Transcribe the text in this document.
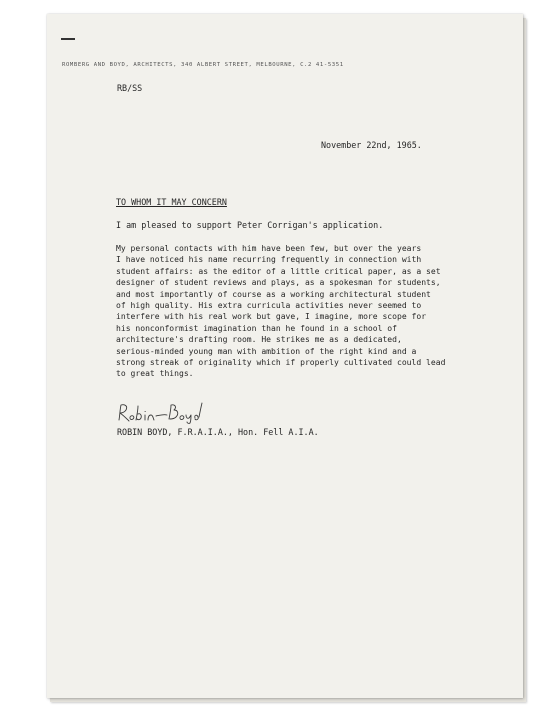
ROMBERG AND BOYD, ARCHITECTS, 340 ALBERT STREET, MELBOURNE, C.2 41-5351

RB/SS

November 22nd, 1965.

TO WHOM IT MAY CONCERN

I am pleased to support Peter Corrigan's application.

My personal contacts with him have been few, but over the years
I have noticed his name recurring frequently in connection with
student affairs: as the editor of a little critical paper, as a set
designer of student reviews and plays, as a spokesman for students,
and most importantly of course as a working architectural student
of high quality. His extra curricula activities never seemed to
interfere with his real work but gave, I imagine, more scope for
his nonconformist imagination than he found in a school of
architecture's drafting room. He strikes me as a dedicated,
serious-minded young man with ambition of the right kind and a
strong streak of originality which if properly cultivated could lead
to great things.

ROBIN BOYD, F.R.A.I.A., Hon. Fell A.I.A.
